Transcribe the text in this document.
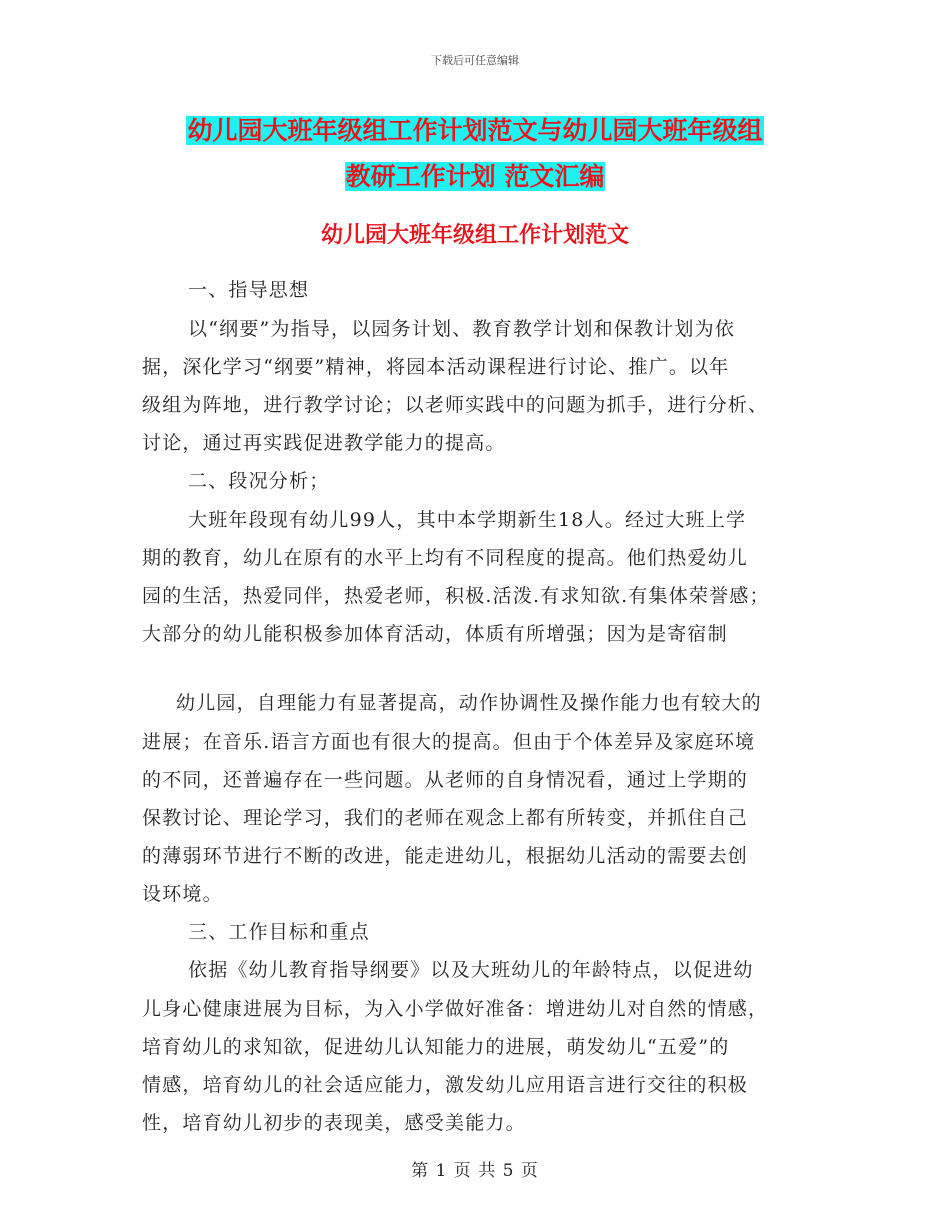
下载后可任意编辑
幼儿园大班年级组工作计划范文与幼儿园大班年级组
教研工作计划 范文汇编
幼儿园大班年级组工作计划范文
一、指导思想
以“纲要”为指导，以园务计划、教育教学计划和保教计划为依
据，深化学习“纲要”精神，将园本活动课程进行讨论、推广。以年
级组为阵地，进行教学讨论；以老师实践中的问题为抓手，进行分析、
讨论，通过再实践促进教学能力的提高。
二、段况分析；
大班年段现有幼儿99人，其中本学期新生18人。经过大班上学
期的教育，幼儿在原有的水平上均有不同程度的提高。他们热爱幼儿
园的生活，热爱同伴，热爱老师，积极.活泼.有求知欲.有集体荣誉感；
大部分的幼儿能积极参加体育活动，体质有所增强；因为是寄宿制
幼儿园，自理能力有显著提高，动作协调性及操作能力也有较大的
进展；在音乐.语言方面也有很大的提高。但由于个体差异及家庭环境
的不同，还普遍存在一些问题。从老师的自身情况看，通过上学期的
保教讨论、理论学习，我们的老师在观念上都有所转变，并抓住自己
的薄弱环节进行不断的改进，能走进幼儿，根据幼儿活动的需要去创
设环境。
三、工作目标和重点
依据《幼儿教育指导纲要》以及大班幼儿的年龄特点，以促进幼
儿身心健康进展为目标，为入小学做好准备：增进幼儿对自然的情感，
培育幼儿的求知欲，促进幼儿认知能力的进展，萌发幼儿“五爱”的
情感，培育幼儿的社会适应能力，激发幼儿应用语言进行交往的积极
性，培育幼儿初步的表现美，感受美能力。
第 1 页 共 5 页
